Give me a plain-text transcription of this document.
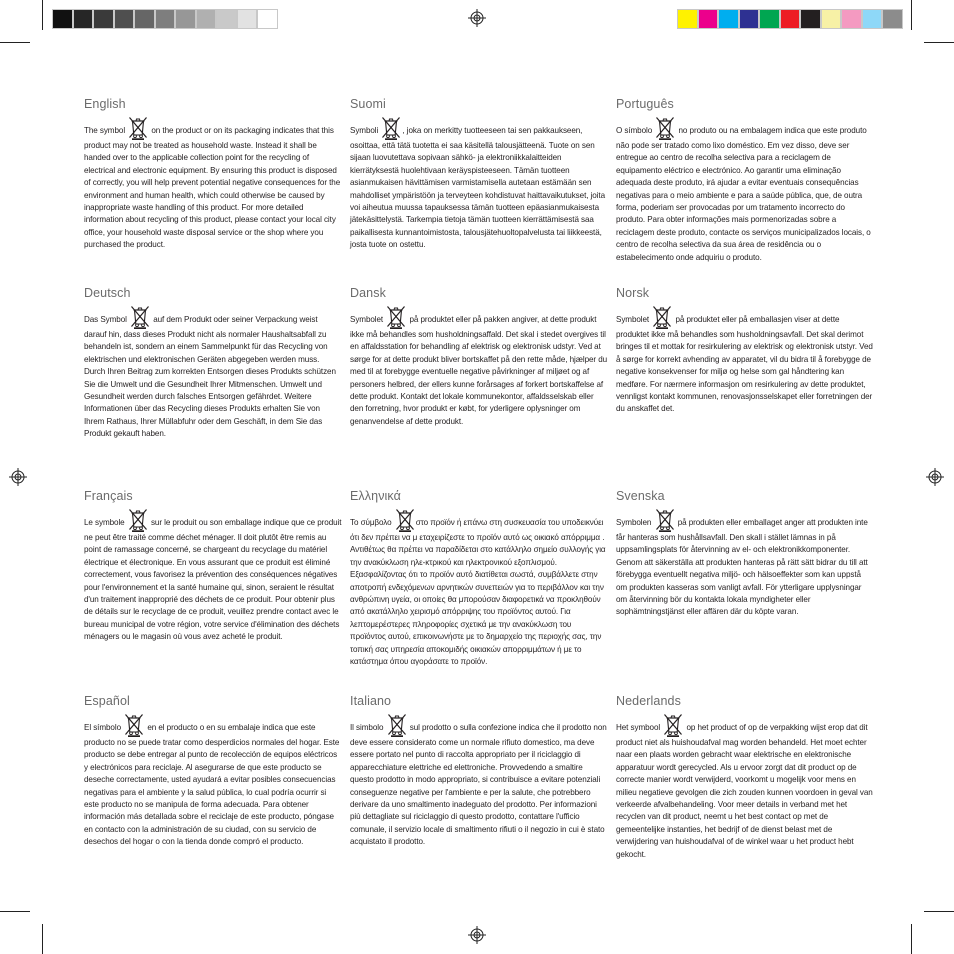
English

The symbol	on the product or on its packaging indicates that this product may not be treated as household waste. Instead it shall be handed over to the applicable collection point for the recycling of electrical and electronic equipment. By ensuring this product is disposed of correctly, you will help prevent potential negative consequences for the environment and human health, which could otherwise be caused by inappropriate waste handling of this product. For more detailed information about recycling of this product, please contact your local city office, your household waste disposal service or the shop where you purchased the product.

Suomi

Symboli	, joka on merkitty tuotteeseen tai sen pakkaukseen, osoittaa, että tätä tuotetta ei saa käsitellä talousjätteenä. Tuote on sen sijaan luovutettava sopivaan sähkö- ja elektroniikkalaitteiden kierrätyksestä huolehtivaan keräyspisteeseen. Tämän tuotteen asianmukaisen hävittämisen varmistamisella autetaan estämään sen mahdolliset ympäristöön ja terveyteen kohdistuvat haittavaikutukset, joita voi aiheutua muussa tapauksessa tämän tuotteen epäasianmukaisesta jätekäsittelystä. Tarkempia tietoja tämän tuotteen kierrättämisestä saa paikallisesta kunnantoimistosta, talousjätehuoltopalvelusta tai liikkeestä, josta tuote on ostettu.

Português

O símbolo	no produto ou na embalagem indica que este produto não pode ser tratado como lixo doméstico. Em vez disso, deve ser entregue ao centro de recolha selectiva para a reciclagem de equipamento eléctrico e electrónico. Ao garantir uma eliminação adequada deste produto, irá ajudar a evitar eventuais consequências negativas para o meio ambiente e para a saúde pública, que, de outra forma, poderiam ser provocadas por um tratamento incorrecto do produto. Para obter informações mais pormenorizadas sobre a reciclagem deste produto, contacte os serviços municipalizados locais, o centro de recolha selectiva da sua área de residência ou o estabelecimento onde adquiriu o produto.

Deutsch

Das Symbol	auf dem Produkt oder seiner Verpackung weist darauf hin, dass dieses Produkt nicht als normaler Haushaltsabfall zu behandeln ist, sondern an einem Sammelpunkt für das Recycling von elektrischen und elektronischen Geräten abgegeben werden muss. Durch Ihren Beitrag zum korrekten Entsorgen dieses Produkts schützen Sie die Umwelt und die Gesundheit Ihrer Mitmenschen. Umwelt und Gesundheit werden durch falsches Entsorgen gefährdet. Weitere Informationen über das Recycling dieses Produkts erhalten Sie von Ihrem Rathaus, Ihrer Müllabfuhr oder dem Geschäft, in dem Sie das Produkt gekauft haben.

Dansk

Symbolet	på produktet eller på pakken angiver, at dette produkt ikke må behandles som husholdningsaffald. Det skal i stedet overgives til en affaldsstation for behandling af elektrisk og elektronisk udstyr. Ved at sørge for at dette produkt bliver bortskaffet på den rette måde, hjælper du med til at forebygge eventuelle negative påvirkninger af miljøet og af personers helbred, der ellers kunne forårsages af forkert bortskaffelse af dette produkt. Kontakt det lokale kommunekontor, affaldsselskab eller den forretning, hvor produkt er købt, for yderligere oplysninger om genanvendelse af dette produkt.

Norsk

Symbolet	på produktet eller på emballasjen viser at dette produktet ikke må behandles som husholdningsavfall. Det skal derimot bringes til et mottak for resirkulering av elektrisk og elektronisk utstyr. Ved å sørge for korrekt avhending av apparatet, vil du bidra til å forebygge de negative konsekvenser for miljø og helse som gal håndtering kan medføre. For nærmere informasjon om resirkulering av dette produktet, vennligst kontakt kommunen, renovasjonsselskapet eller forretningen der du anskaffet det.

Français

Le symbole	sur le produit ou son emballage indique que ce produit ne peut être traité comme déchet ménager. Il doit plutôt être remis au point de ramassage concerné, se chargeant du recyclage du matériel électrique et électronique. En vous assurant que ce produit est éliminé correctement, vous favorisez la prévention des conséquences négatives pour l'environnement et la santé humaine qui, sinon, seraient le résultat d'un traitement inapproprié des déchets de ce produit. Pour obtenir plus de détails sur le recyclage de ce produit, veuillez prendre contact avec le bureau municipal de votre région, votre service d'élimination des déchets ménagers ou le magasin où vous avez acheté le produit.

Ελληνικά

Το σύμβολο	στο προϊόν ή επάνω στη συσκευασία του υποδεικνύει ότι δεν πρέπει να μ εταχειρίζεστε το προϊόν αυτό ως οικιακό απόρριμμα . Αντιθέτως θα πρέπει να παραδίδεται στο κατάλληλο σημείο συλλογής για την ανακύκλωση ηλε-κτρικού και ηλεκτρονικού εξοπλισμού. Εξασφαλίζοντας ότι το προϊόν αυτό διατίθεται σωστά, συμβάλλετε στην αποτροπή ενδεχόμενων αρνητικών συνεπειών για το περιβάλλον και την ανθρώπινη υγεία, οι οποίες θα μπορούσαν διαφορετικά να προκληθούν από ακατάλληλο χειρισμό απόρριψης του προϊόντος αυτού. Για λεπτομερέστερες πληροφορίες σχετικά με την ανακύκλωση του προϊόντος αυτού, επικοινωνήστε με το δημαρχείο της περιοχής σας, την τοπική σας υπηρεσία αποκομιδής οικιακών απορριμμάτων ή με το κατάστημα όπου αγοράσατε το προϊόν.

Svenska

Symbolen	på produkten eller emballaget anger att produkten inte får hanteras som hushållsavfall. Den skall i stället lämnas in på uppsamlingsplats för återvinning av el- och elektronikkomponenter. Genom att säkerställa att produkten hanteras på rätt sätt bidrar du till att förebygga eventuellt negativa miljö- och hälsoeffekter som kan uppstå om produkten kasseras som vanligt avfall. För ytterligare upplysningar om återvinning bör du kontakta lokala myndigheter eller sophämtningstjänst eller affären där du köpte varan.

Español

El símbolo	en el producto o en su embalaje indica que este producto no se puede tratar como desperdicios normales del hogar. Este producto se debe entregar al punto de recolección de equipos eléctricos y electrónicos para reciclaje. Al asegurarse de que este producto se deseche correctamente, usted ayudará a evitar posibles consecuencias negativas para el ambiente y la salud pública, lo cual podría ocurrir si este producto no se manipula de forma adecuada. Para obtener información más detallada sobre el reciclaje de este producto, póngase en contacto con la administración de su ciudad, con su servicio de desechos del hogar o con la tienda donde compró el producto.

Italiano

Il simbolo	sul prodotto o sulla confezione indica che il prodotto non deve essere considerato come un normale rifiuto domestico, ma deve essere portato nel punto di raccolta appropriato per il riciclaggio di apparecchiature elettriche ed elettroniche. Provvedendo a smaltire questo prodotto in modo appropriato, si contribuisce a evitare potenziali conseguenze negative per l'ambiente e per la salute, che potrebbero derivare da uno smaltimento inadeguato del prodotto. Per informazioni più dettagliate sul riciclaggio di questo prodotto, contattare l'ufficio comunale, il servizio locale di smaltimento rifiuti o il negozio in cui è stato acquistato il prodotto.

Nederlands

Het symbool	op het product of op de verpakking wijst erop dat dit product niet als huishoudafval mag worden behandeld. Het moet echter naar een plaats worden gebracht waar elektrische en elektronische apparatuur wordt gerecycled. Als u ervoor zorgt dat dit product op de correcte manier wordt verwijderd, voorkomt u mogelijk voor mens en milieu negatieve gevolgen die zich zouden kunnen voordoen in geval van verkeerde afvalbehandeling. Voor meer details in verband met het recyclen van dit product, neemt u het best contact op met de gemeentelijke instanties, het bedrijf of de dienst belast met de verwijdering van huishoudafval of de winkel waar u het product hebt gekocht.
